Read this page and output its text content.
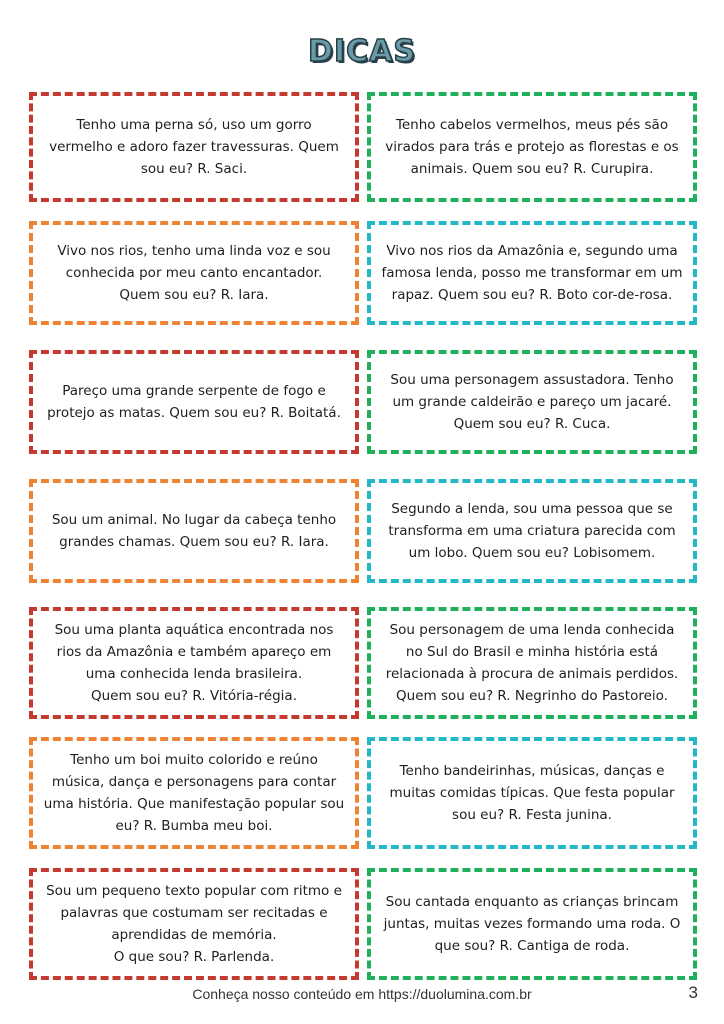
DICAS

Tenho uma perna só, uso um gorro
vermelho e adoro fazer travessuras. Quem
sou eu? R. Saci.

Tenho cabelos vermelhos, meus pés são
virados para trás e protejo as florestas e os
animais. Quem sou eu? R. Curupira.

Vivo nos rios, tenho uma linda voz e sou
conhecida por meu canto encantador.
Quem sou eu? R. Iara.

Vivo nos rios da Amazônia e, segundo uma
famosa lenda, posso me transformar em um
rapaz. Quem sou eu? R. Boto cor-de-rosa.

Pareço uma grande serpente de fogo e
protejo as matas. Quem sou eu? R. Boitatá.

Sou uma personagem assustadora. Tenho
um grande caldeirão e pareço um jacaré.
Quem sou eu? R. Cuca.

Sou um animal. No lugar da cabeça tenho
grandes chamas. Quem sou eu? R. Iara.

Segundo a lenda, sou uma pessoa que se
transforma em uma criatura parecida com
um lobo. Quem sou eu? Lobisomem.

Sou uma planta aquática encontrada nos
rios da Amazônia e também apareço em
uma conhecida lenda brasileira.
Quem sou eu? R. Vitória-régia.

Sou personagem de uma lenda conhecida
no Sul do Brasil e minha história está
relacionada à procura de animais perdidos.
Quem sou eu? R. Negrinho do Pastoreio.

Tenho um boi muito colorido e reúno
música, dança e personagens para contar
uma história. Que manifestação popular sou
eu? R. Bumba meu boi.

Tenho bandeirinhas, músicas, danças e
muitas comidas típicas. Que festa popular
sou eu? R. Festa junina.

Sou um pequeno texto popular com ritmo e
palavras que costumam ser recitadas e
aprendidas de memória.
O que sou? R. Parlenda.

Sou cantada enquanto as crianças brincam
juntas, muitas vezes formando uma roda. O
que sou? R. Cantiga de roda.

Conheça nosso conteúdo em https://duolumina.com.br	3
